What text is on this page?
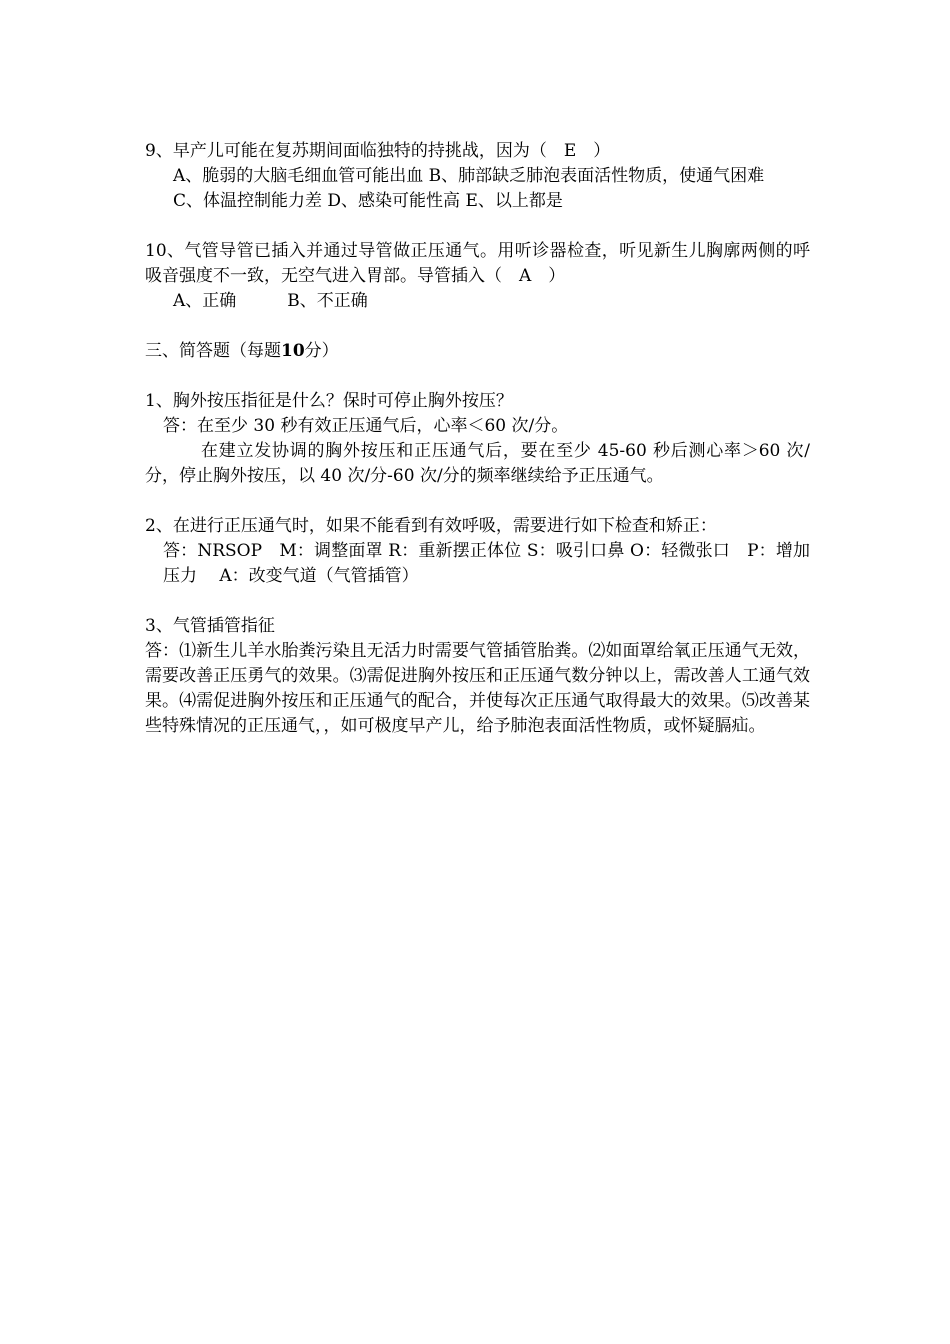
9、早产儿可能在复苏期间面临独特的持挑战，因为（　E　）

A、脆弱的大脑毛细血管可能出血 B、肺部缺乏肺泡表面活性物质，使通气困难

C、体温控制能力差 D、感染可能性高 E、以上都是

10、气管导管已插入并通过导管做正压通气。用听诊器检查，听见新生儿胸廓两侧的呼吸音强度不一致，无空气进入胃部。导管插入（　A　）

A、正确　　　B、不正确

三、简答题（每题10分）

1、胸外按压指征是什么？保时可停止胸外按压？

答：在至少 30 秒有效正压通气后，心率＜60 次/分。

在建立发协调的胸外按压和正压通气后，要在至少 45-60 秒后测心率＞60 次/分，停止胸外按压，以 40 次/分-60 次/分的频率继续给予正压通气。

2、在进行正压通气时，如果不能看到有效呼吸，需要进行如下检查和矫正：

答：NRSOP　M：调整面罩 R：重新摆正体位 S：吸引口鼻 O：轻微张口　P：增加压力　 A：改变气道（气管插管）

3、气管插管指征

答：⑴新生儿羊水胎粪污染且无活力时需要气管插管胎粪。⑵如面罩给氧正压通气无效，需要改善正压勇气的效果。⑶需促进胸外按压和正压通气数分钟以上，需改善人工通气效果。⑷需促进胸外按压和正压通气的配合，并使每次正压通气取得最大的效果。⑸改善某些特殊情况的正压通气，，如可极度早产儿，给予肺泡表面活性物质，或怀疑膈疝。
